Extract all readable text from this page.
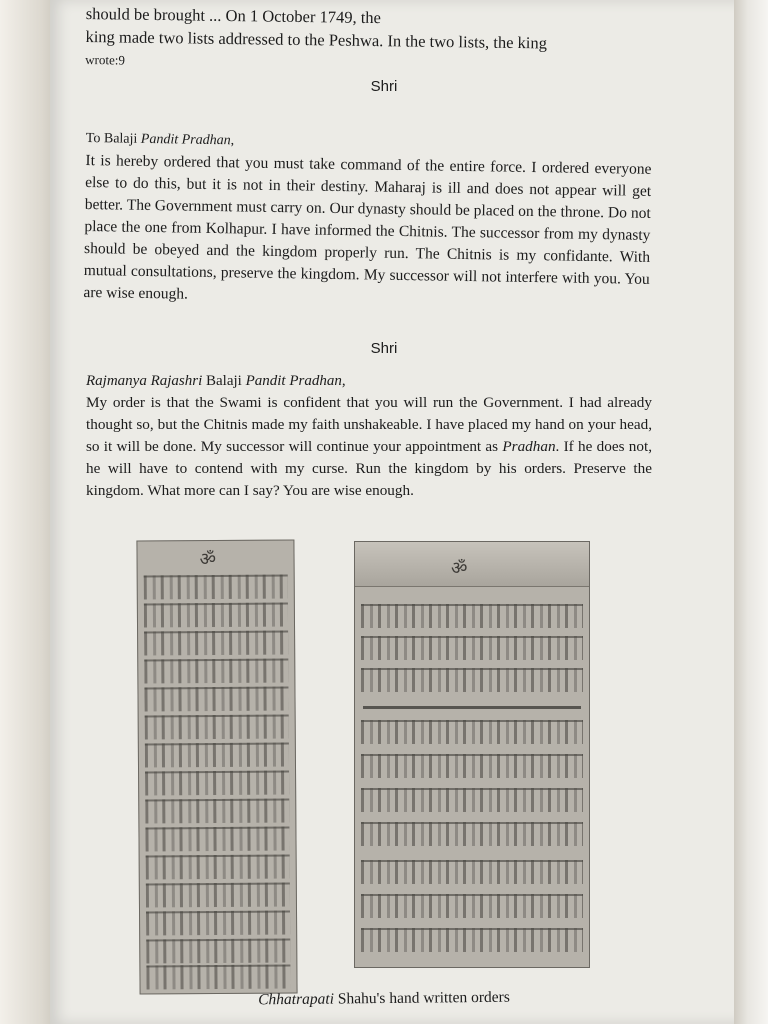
should be brought ... On 1 October 1749, the
king made two lists addressed to the Peshwa. In the two lists, the king
wrote:9
Shri
To Balaji Pandit Pradhan,
It is hereby ordered that you must take command of the entire force. I ordered everyone else to do this, but it is not in their destiny. Maharaj is ill and does not appear will get better. The Government must carry on. Our dynasty should be placed on the throne. Do not place the one from Kolhapur. I have informed the Chitnis. The successor from my dynasty should be obeyed and the kingdom properly run. The Chitnis is my confidante. With mutual consultations, preserve the kingdom. My successor will not interfere with you. You are wise enough.
Shri
Rajmanya Rajashri Balaji Pandit Pradhan,
My order is that the Swami is confident that you will run the Government. I had already thought so, but the Chitnis made my faith unshakeable. I have placed my hand on your head, so it will be done. My successor will continue your appointment as Pradhan. If he does not, he will have to contend with my curse. Run the kingdom by his orders. Preserve the kingdom. What more can I say? You are wise enough.
ॐ	ॐ
Chhatrapati Shahu's hand written orders
